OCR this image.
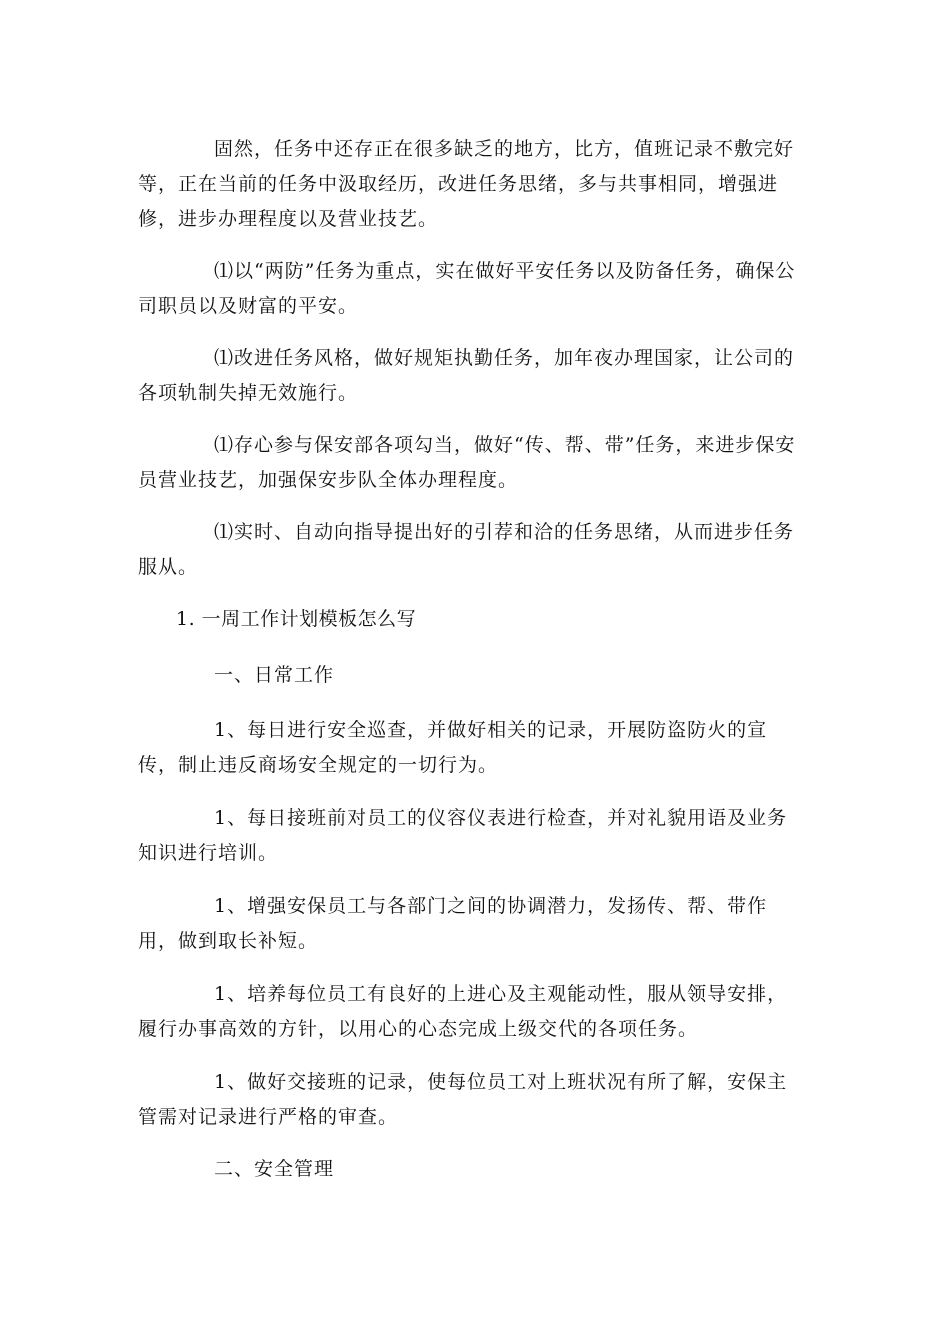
固然，任务中还存正在很多缺乏的地方，比方，值班记录不敷完好等，正在当前的任务中汲取经历，改进任务思绪，多与共事相同，增强进修，进步办理程度以及营业技艺。

⑴以“两防”任务为重点，实在做好平安任务以及防备任务，确保公司职员以及财富的平安。

⑴改进任务风格，做好规矩执勤任务，加年夜办理国家，让公司的各项轨制失掉无效施行。

⑴存心参与保安部各项勾当，做好“传、帮、带”任务，来进步保安员营业技艺，加强保安步队全体办理程度。

⑴实时、自动向指导提出好的引荐和洽的任务思绪，从而进步任务服从。

1. 一周工作计划模板怎么写

一、日常工作

1、每日进行安全巡查，并做好相关的记录，开展防盗防火的宣传，制止违反商场安全规定的一切行为。

1、每日接班前对员工的仪容仪表进行检查，并对礼貌用语及业务知识进行培训。

1、增强安保员工与各部门之间的协调潜力，发扬传、帮、带作用，做到取长补短。

1、培养每位员工有良好的上进心及主观能动性，服从领导安排，履行办事高效的方针，以用心的心态完成上级交代的各项任务。

1、做好交接班的记录，使每位员工对上班状况有所了解，安保主管需对记录进行严格的审查。

二、安全管理
